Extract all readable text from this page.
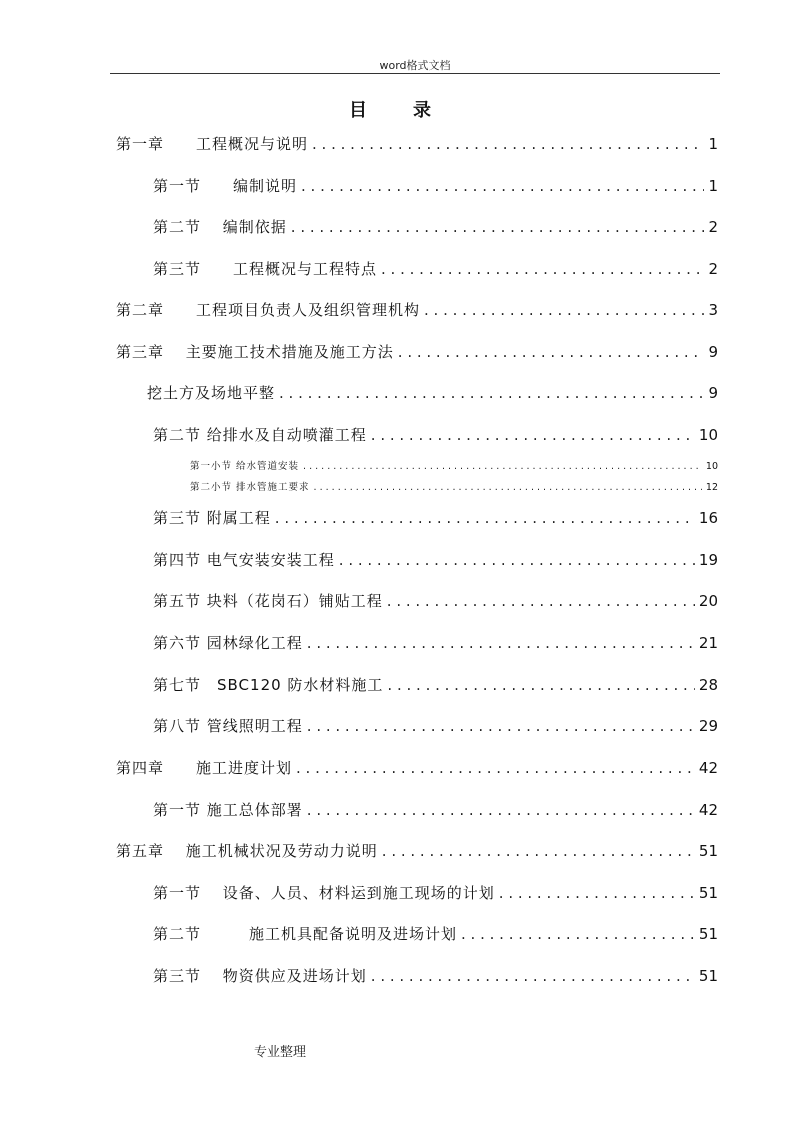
word格式文档
目　录
第一章　　工程概况与说明 . . .	1
第一节　　编制说明 . . .	1
第二节　 编制依据 . . .	2
第三节　　工程概况与工程特点 . . .	2
第二章　　工程项目负责人及组织管理机构 . . .	3
第三章　 主要施工技术措施及施工方法 . . .	9
挖土方及场地平整 . . .	9
第二节 给排水及自动喷灌工程 . . .	10
第一小节 给水管道安装 . . .	10
第二小节 排水管施工要求 . . .	12
第三节 附属工程 . . .	16
第四节 电气安装安装工程 . . .	19
第五节 块料（花岗石）铺贴工程 . . .	20
第六节 园林绿化工程 . . .	21
第七节　SBC120 防水材料施工 . . .	28
第八节 管线照明工程 . . .	29
第四章　　施工进度计划 . . .	42
第一节 施工总体部署 . . .	42
第五章　 施工机械状况及劳动力说明 . . .	51
第一节　 设备、人员、材料运到施工现场的计划 . . .	51
第二节　　　施工机具配备说明及进场计划 . . .	51
第三节　 物资供应及进场计划 . . .	51
专业整理
